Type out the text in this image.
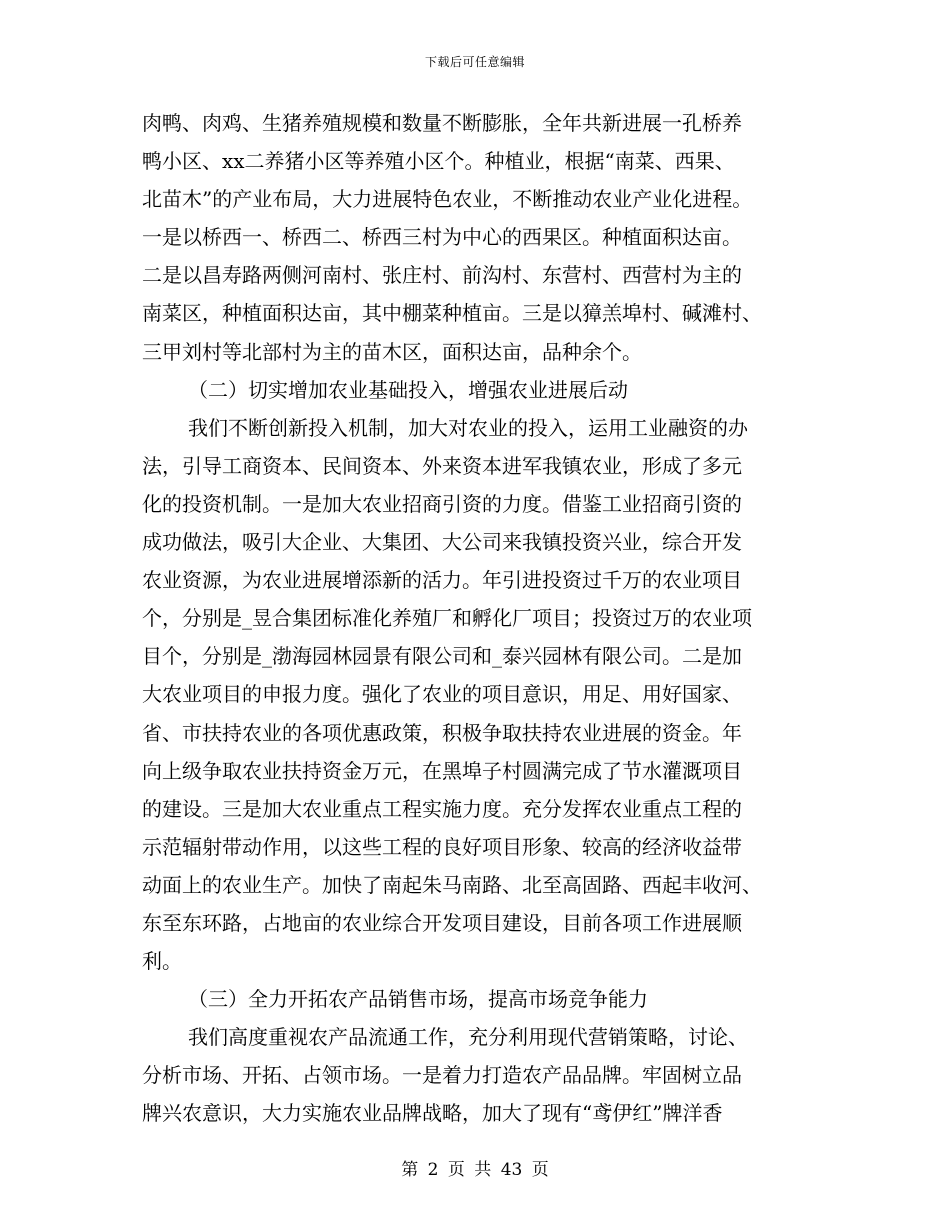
下载后可任意编辑
肉鸭、肉鸡、生猪养殖规模和数量不断膨胀，全年共新进展一孔桥养
鸭小区、xx二养猪小区等养殖小区个。种植业，根据“南菜、西果、
北苗木”的产业布局，大力进展特色农业，不断推动农业产业化进程。
一是以桥西一、桥西二、桥西三村为中心的西果区。种植面积达亩。
二是以昌寿路两侧河南村、张庄村、前沟村、东营村、西营村为主的
南菜区，种植面积达亩，其中棚菜种植亩。三是以獐羔埠村、碱滩村、
三甲刘村等北部村为主的苗木区，面积达亩，品种余个。
（二）切实增加农业基础投入，增强农业进展后动
我们不断创新投入机制，加大对农业的投入，运用工业融资的办
法，引导工商资本、民间资本、外来资本进军我镇农业，形成了多元
化的投资机制。一是加大农业招商引资的力度。借鉴工业招商引资的
成功做法，吸引大企业、大集团、大公司来我镇投资兴业，综合开发
农业资源，为农业进展增添新的活力。年引进投资过千万的农业项目
个，分别是_昱合集团标准化养殖厂和孵化厂项目；投资过万的农业项
目个，分别是_渤海园林园景有限公司和_泰兴园林有限公司。二是加
大农业项目的申报力度。强化了农业的项目意识，用足、用好国家、
省、市扶持农业的各项优惠政策，积极争取扶持农业进展的资金。年
向上级争取农业扶持资金万元，在黑埠子村圆满完成了节水灌溉项目
的建设。三是加大农业重点工程实施力度。充分发挥农业重点工程的
示范辐射带动作用，以这些工程的良好项目形象、较高的经济收益带
动面上的农业生产。加快了南起朱马南路、北至高固路、西起丰收河、
东至东环路，占地亩的农业综合开发项目建设，目前各项工作进展顺
利。
（三）全力开拓农产品销售市场，提高市场竞争能力
我们高度重视农产品流通工作，充分利用现代营销策略，讨论、
分析市场、开拓、占领市场。一是着力打造农产品品牌。牢固树立品
牌兴农意识，大力实施农业品牌战略，加大了现有“鸢伊红”牌洋香
第 2 页 共 43 页
